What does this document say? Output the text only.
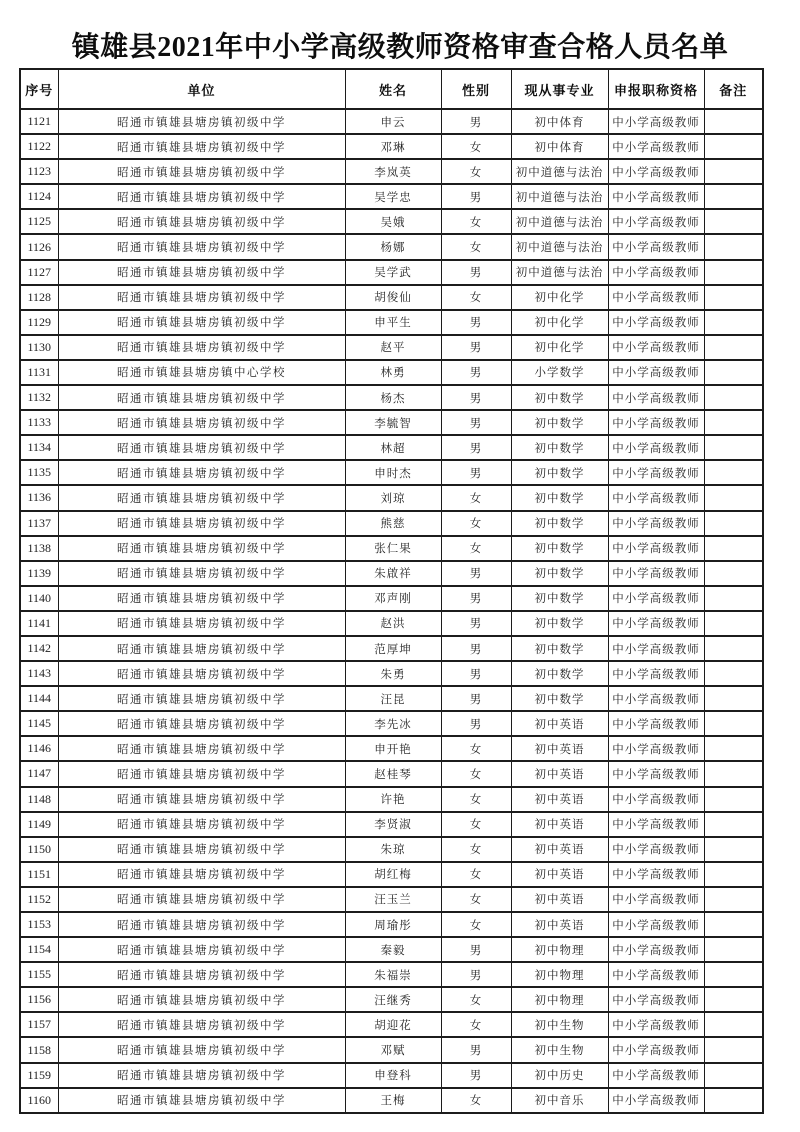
镇雄县2021年中小学高级教师资格审查合格人员名单
序号	单位	姓名	性别	现从事专业	申报职称资格	备注
1121	昭通市镇雄县塘房镇初级中学	申云	男	初中体育	中小学高级教师	
1122	昭通市镇雄县塘房镇初级中学	邓琳	女	初中体育	中小学高级教师	
1123	昭通市镇雄县塘房镇初级中学	李岚英	女	初中道德与法治	中小学高级教师	
1124	昭通市镇雄县塘房镇初级中学	吴学忠	男	初中道德与法治	中小学高级教师	
1125	昭通市镇雄县塘房镇初级中学	吴娥	女	初中道德与法治	中小学高级教师	
1126	昭通市镇雄县塘房镇初级中学	杨娜	女	初中道德与法治	中小学高级教师	
1127	昭通市镇雄县塘房镇初级中学	吴学武	男	初中道德与法治	中小学高级教师	
1128	昭通市镇雄县塘房镇初级中学	胡俊仙	女	初中化学	中小学高级教师	
1129	昭通市镇雄县塘房镇初级中学	申平生	男	初中化学	中小学高级教师	
1130	昭通市镇雄县塘房镇初级中学	赵平	男	初中化学	中小学高级教师	
1131	昭通市镇雄县塘房镇中心学校	林勇	男	小学数学	中小学高级教师	
1132	昭通市镇雄县塘房镇初级中学	杨杰	男	初中数学	中小学高级教师	
1133	昭通市镇雄县塘房镇初级中学	李毓智	男	初中数学	中小学高级教师	
1134	昭通市镇雄县塘房镇初级中学	林超	男	初中数学	中小学高级教师	
1135	昭通市镇雄县塘房镇初级中学	申时杰	男	初中数学	中小学高级教师	
1136	昭通市镇雄县塘房镇初级中学	刘琼	女	初中数学	中小学高级教师	
1137	昭通市镇雄县塘房镇初级中学	熊慈	女	初中数学	中小学高级教师	
1138	昭通市镇雄县塘房镇初级中学	张仁果	女	初中数学	中小学高级教师	
1139	昭通市镇雄县塘房镇初级中学	朱啟祥	男	初中数学	中小学高级教师	
1140	昭通市镇雄县塘房镇初级中学	邓声刚	男	初中数学	中小学高级教师	
1141	昭通市镇雄县塘房镇初级中学	赵洪	男	初中数学	中小学高级教师	
1142	昭通市镇雄县塘房镇初级中学	范厚坤	男	初中数学	中小学高级教师	
1143	昭通市镇雄县塘房镇初级中学	朱勇	男	初中数学	中小学高级教师	
1144	昭通市镇雄县塘房镇初级中学	汪昆	男	初中数学	中小学高级教师	
1145	昭通市镇雄县塘房镇初级中学	李先冰	男	初中英语	中小学高级教师	
1146	昭通市镇雄县塘房镇初级中学	申开艳	女	初中英语	中小学高级教师	
1147	昭通市镇雄县塘房镇初级中学	赵桂琴	女	初中英语	中小学高级教师	
1148	昭通市镇雄县塘房镇初级中学	许艳	女	初中英语	中小学高级教师	
1149	昭通市镇雄县塘房镇初级中学	李贤淑	女	初中英语	中小学高级教师	
1150	昭通市镇雄县塘房镇初级中学	朱琼	女	初中英语	中小学高级教师	
1151	昭通市镇雄县塘房镇初级中学	胡红梅	女	初中英语	中小学高级教师	
1152	昭通市镇雄县塘房镇初级中学	汪玉兰	女	初中英语	中小学高级教师	
1153	昭通市镇雄县塘房镇初级中学	周瑜彤	女	初中英语	中小学高级教师	
1154	昭通市镇雄县塘房镇初级中学	秦毅	男	初中物理	中小学高级教师	
1155	昭通市镇雄县塘房镇初级中学	朱福崇	男	初中物理	中小学高级教师	
1156	昭通市镇雄县塘房镇初级中学	汪继秀	女	初中物理	中小学高级教师	
1157	昭通市镇雄县塘房镇初级中学	胡迎花	女	初中生物	中小学高级教师	
1158	昭通市镇雄县塘房镇初级中学	邓赋	男	初中生物	中小学高级教师	
1159	昭通市镇雄县塘房镇初级中学	申登科	男	初中历史	中小学高级教师	
1160	昭通市镇雄县塘房镇初级中学	王梅	女	初中音乐	中小学高级教师	
